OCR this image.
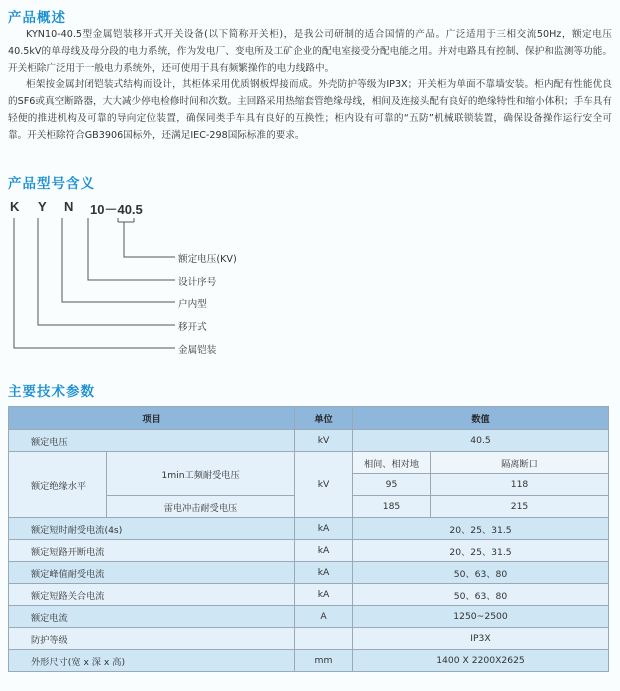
产品概述

KYN10-40.5型金属铠装移开式开关设备(以下简称开关柜)，是我公司研制的适合国情的产品。广泛适用于三相交流50Hz，额定电压40.5kV的单母线及母分段的电力系统，作为发电厂、变电所及工矿企业的配电室接受分配电能之用。并对电路具有控制、保护和监测等功能。开关柜除广泛用于一般电力系统外，还可使用于具有频繁操作的电力线路中。

柜架按金属封闭铠装式结构而设计，其柜体采用优质钢板焊接而成。外壳防护等级为IP3X；开关柜为单面不靠墙安装。柜内配有性能优良的SF6或真空断路器，大大减少停电检修时间和次数。主回路采用热缩套管绝缘母线，相间及连接头配有良好的绝缘特性和缩小体积；手车具有轻便的推进机构及可靠的导向定位装置，确保同类手车具有良好的互换性；柜内设有可靠的“五防”机械联锁装置，确保设备操作运行安全可靠。开关柜除符合GB3906国标外，还满足IEC-298国际标准的要求。

产品型号含义
K Y N 10－40.5
额定电压(KV)
设计序号
户内型
移开式
金属铠装
主要技术参数
项目		单位	数值	
额定电压		kV	40.5	
额定绝缘水平	1min工频耐受电压	kV	相间、相对地	隔离断口
			95	118
	雷电冲击耐受电压		185	215
额定短时耐受电流(4s)		kA	20、25、31.5	
额定短路开断电流		kA	20、25、31.5	
额定峰值耐受电流		kA	50、63、80	
额定短路关合电流		kA	50、63、80	
额定电流		A	1250~2500	
防护等级			IP3X	
外形尺寸(宽 x 深 x 高)		mm	1400 X 2200X2625	
